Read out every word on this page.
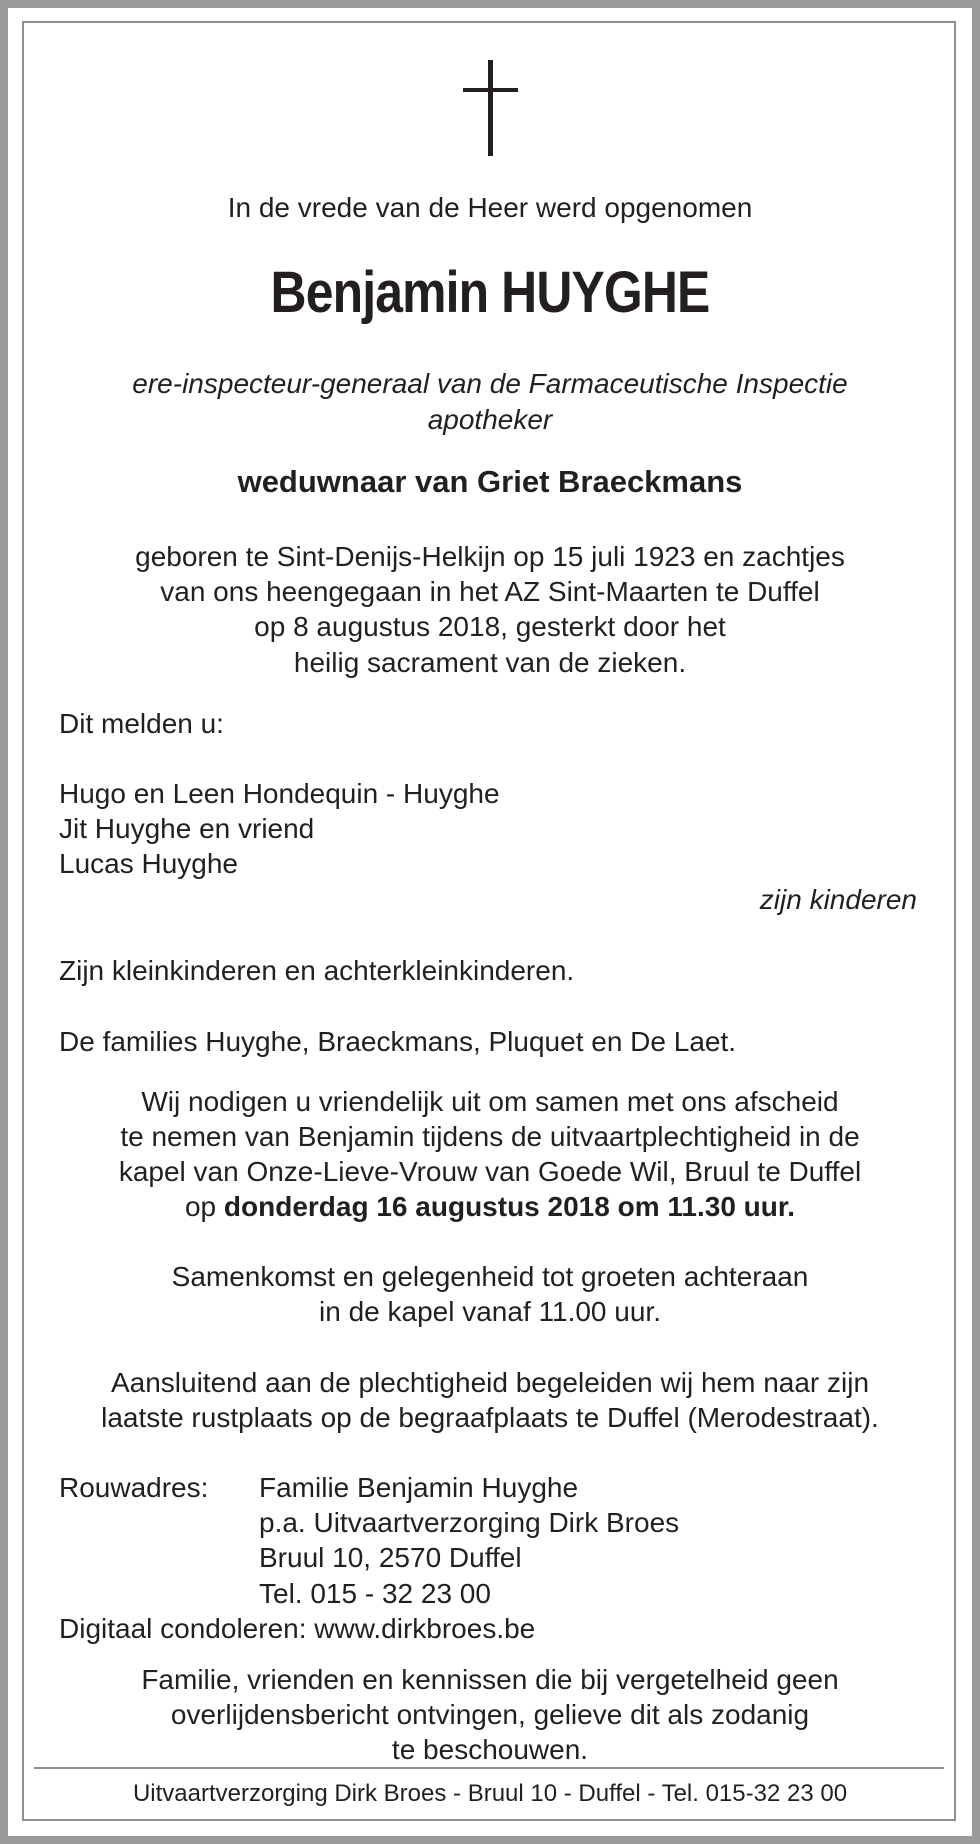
In de vrede van de Heer werd opgenomen
Benjamin HUYGHE
ere-inspecteur-generaal van de Farmaceutische Inspectie
apotheker
weduwnaar van Griet Braeckmans
geboren te Sint-Denijs-Helkijn op 15 juli 1923 en zachtjes
van ons heengegaan in het AZ Sint-Maarten te Duffel
op 8 augustus 2018, gesterkt door het
heilig sacrament van de zieken.
Dit melden u:
Hugo en Leen Hondequin - Huyghe
Jit Huyghe en vriend
Lucas Huyghe
zijn kinderen
Zijn kleinkinderen en achterkleinkinderen.
De families Huyghe, Braeckmans, Pluquet en De Laet.
Wij nodigen u vriendelijk uit om samen met ons afscheid
te nemen van Benjamin tijdens de uitvaartplechtigheid in de
kapel van Onze-Lieve-Vrouw van Goede Wil, Bruul te Duffel
op donderdag 16 augustus 2018 om 11.30 uur.
Samenkomst en gelegenheid tot groeten achteraan
in de kapel vanaf 11.00 uur.
Aansluitend aan de plechtigheid begeleiden wij hem naar zijn
laatste rustplaats op de begraafplaats te Duffel (Merodestraat).
Rouwadres: Familie Benjamin Huyghe
p.a. Uitvaartverzorging Dirk Broes
Bruul 10, 2570 Duffel
Tel. 015 - 32 23 00
Digitaal condoleren: www.dirkbroes.be
Familie, vrienden en kennissen die bij vergetelheid geen
overlijdensbericht ontvingen, gelieve dit als zodanig
te beschouwen.
Uitvaartverzorging Dirk Broes - Bruul 10 - Duffel - Tel. 015-32 23 00
